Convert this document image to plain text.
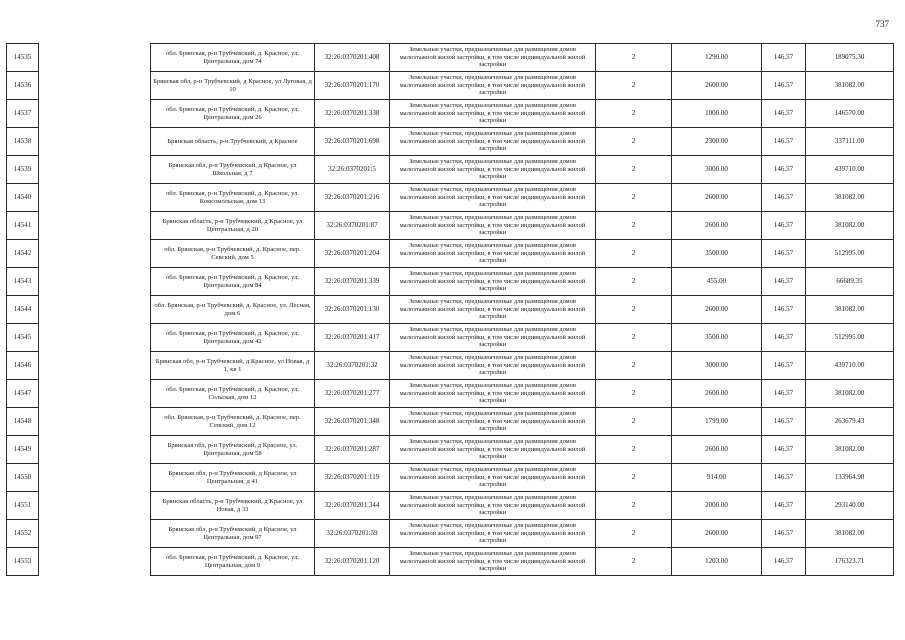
737
14535		обл. Брянская, р-н Трубчевский, д. Красное, ул. Центральная, дом 74	32:26:0370201:408	Земельные участки, предназначенные для размещения домов малоэтажной жилой застройки, в том числе индивидуальной жилой застройки	2	1290.00	146.57	189075.30
14536		Брянская обл, р-н Трубчевский, д Красное, ул Луговая, д 10	32:26:0370201:170	Земельные участки, предназначенные для размещения домов малоэтажной жилой застройки, в том числе индивидуальной жилой застройки	2	2600.00	146.57	381082.00
14537		обл. Брянская, р-н Трубчевский, д. Красное, ул. Центральная, дом 26	32:26:0370201:338	Земельные участки, предназначенные для размещения домов малоэтажной жилой застройки, в том числе индивидуальной жилой застройки	2	1000.00	146.57	146570.00
14538		Брянская область, р-н Трубчевский, д Красное	32:26:0370201:698	Земельные участки, предназначенные для размещения домов малоэтажной жилой застройки, в том числе индивидуальной жилой застройки	2	2300.00	146.57	337111.00
14539		Брянская обл, р-н Трубчевский, д Красное, ул Школьная, д 7	32:26:0370201:5	Земельные участки, предназначенные для размещения домов малоэтажной жилой застройки, в том числе индивидуальной жилой застройки	2	3000.00	146.57	439710.00
14540		обл. Брянская, р-н Трубчевский, д. Красное, ул. Комсомольская, дом 13	32:26:0370201:216	Земельные участки, предназначенные для размещения домов малоэтажной жилой застройки, в том числе индивидуальной жилой застройки	2	2600.00	146.57	381082.00
14541		Брянская область, р-н Трубчевский, д Красное, ул Центральная, д 20	32:26:0370201:87	Земельные участки, предназначенные для размещения домов малоэтажной жилой застройки, в том числе индивидуальной жилой застройки	2	2600.00	146.57	381082.00
14542		обл. Брянская, р-н Трубчевский, д. Красное, пер. Севский, дом 5	32:26:0370201:204	Земельные участки, предназначенные для размещения домов малоэтажной жилой застройки, в том числе индивидуальной жилой застройки	2	3500.00	146.57	512995.00
14543		обл. Брянская, р-н Трубчевский, д. Красное, ул. Центральная, дом 84	32:26:0370201:339	Земельные участки, предназначенные для размещения домов малоэтажной жилой застройки, в том числе индивидуальной жилой застройки	2	455.00	146.57	66689.35
14544		обл. Брянская, р-н Трубчевский, д. Красное, ул. Лесная, дом 6	32:26:0370201:130	Земельные участки, предназначенные для размещения домов малоэтажной жилой застройки, в том числе индивидуальной жилой застройки	2	2600.00	146.57	381082.00
14545		обл. Брянская, р-н Трубчевский, д. Красное, ул. Центральная, дом 42	32:26:0370201:417	Земельные участки, предназначенные для размещения домов малоэтажной жилой застройки, в том числе индивидуальной жилой застройки	2	3500.00	146.57	512995.00
14546		Брянская обл, р-н Трубчевский, д Красное, ул Новая, д 1, кв 1	32:26:0370201:32	Земельные участки, предназначенные для размещения домов малоэтажной жилой застройки, в том числе индивидуальной жилой застройки	2	3000.00	146.57	439710.00
14547		обл. Брянская, р-н Трубчевский, д. Красное, ул. Сельская, дом 12	32:26:0370201:277	Земельные участки, предназначенные для размещения домов малоэтажной жилой застройки, в том числе индивидуальной жилой застройки	2	2600.00	146.57	381082.00
14548		обл. Брянская, р-н Трубчевский, д. Красное, пер. Севский, дом 12	32:26:0370201:348	Земельные участки, предназначенные для размещения домов малоэтажной жилой застройки, в том числе индивидуальной жилой застройки	2	1799.00	146.57	263679.43
14549		Брянская обл, р-н Трубчевский, д Красное, ул. Центральная, дом 58	32:26:0370201:287	Земельные участки, предназначенные для размещения домов малоэтажной жилой застройки, в том числе индивидуальной жилой застройки	2	2600.00	146.57	381082.00
14550		Брянская обл, р-н Трубчевский, д Красное, ул Центральная, д 41	32:26:0370201:119	Земельные участки, предназначенные для размещения домов малоэтажной жилой застройки, в том числе индивидуальной жилой застройки	2	914.00	146.57	133964.98
14551		Брянская область, р-н Трубчевский, д Красное, ул Новая, д 33	32:26:0370201:344	Земельные участки, предназначенные для размещения домов малоэтажной жилой застройки, в том числе индивидуальной жилой застройки	2	2000.00	146.57	293140.00
14552		Брянская обл, р-н Трубчевский, д Красное, ул Центральная, дом 97	32:26:0370201:59	Земельные участки, предназначенные для размещения домов малоэтажной жилой застройки, в том числе индивидуальной жилой застройки	2	2600.00	146.57	381082.00
14553		обл. Брянская, р-н Трубчевский, д. Красное, ул. Центральная, дом 9	32:26:0370201:120	Земельные участки, предназначенные для размещения домов малоэтажной жилой застройки, в том числе индивидуальной жилой застройки	2	1203.00	146.57	176323.71
